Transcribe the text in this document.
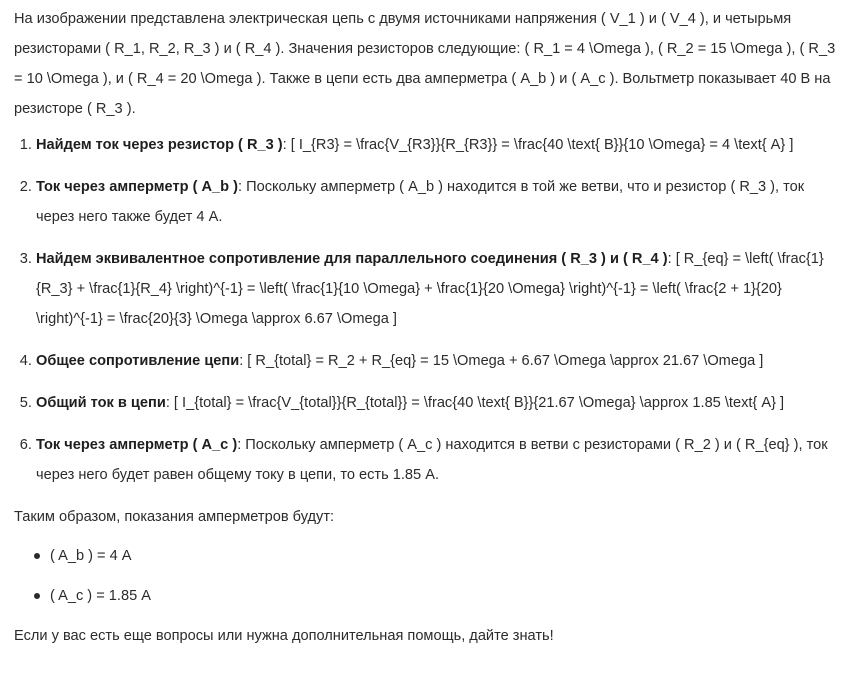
На изображении представлена электрическая цепь с двумя источниками напряжения ( V_1 ) и ( V_4 ), и четырьмя резисторами ( R_1, R_2, R_3 ) и ( R_4 ). Значения резисторов следующие: ( R_1 = 4 \Omega ), ( R_2 = 15 \Omega ), ( R_3 = 10 \Omega ), и ( R_4 = 20 \Omega ). Также в цепи есть два амперметра ( A_b ) и ( A_c ). Вольтметр показывает 40 В на резисторе ( R_3 ).

1. Найдем ток через резистор ( R_3 ): [ I_{R3} = \frac{V_{R3}}{R_{R3}} = \frac{40 \text{ В}}{10 \Omega} = 4 \text{ А} ]
2. Ток через амперметр ( A_b ): Поскольку амперметр ( A_b ) находится в той же ветви, что и резистор ( R_3 ), ток через него также будет 4 А.
3. Найдем эквивалентное сопротивление для параллельного соединения ( R_3 ) и ( R_4 ): [ R_{eq} = \left( \frac{1}{R_3} + \frac{1}{R_4} \right)^{-1} = \left( \frac{1}{10 \Omega} + \frac{1}{20 \Omega} \right)^{-1} = \left( \frac{2 + 1}{20} \right)^{-1} = \frac{20}{3} \Omega \approx 6.67 \Omega ]
4. Общее сопротивление цепи: [ R_{total} = R_2 + R_{eq} = 15 \Omega + 6.67 \Omega \approx 21.67 \Omega ]
5. Общий ток в цепи: [ I_{total} = \frac{V_{total}}{R_{total}} = \frac{40 \text{ В}}{21.67 \Omega} \approx 1.85 \text{ А} ]
6. Ток через амперметр ( A_c ): Поскольку амперметр ( A_c ) находится в ветви с резисторами ( R_2 ) и ( R_{eq} ), ток через него будет равен общему току в цепи, то есть 1.85 А.

Таким образом, показания амперметров будут:

( A_b ) = 4 А
( A_c ) = 1.85 А

Если у вас есть еще вопросы или нужна дополнительная помощь, дайте знать!
